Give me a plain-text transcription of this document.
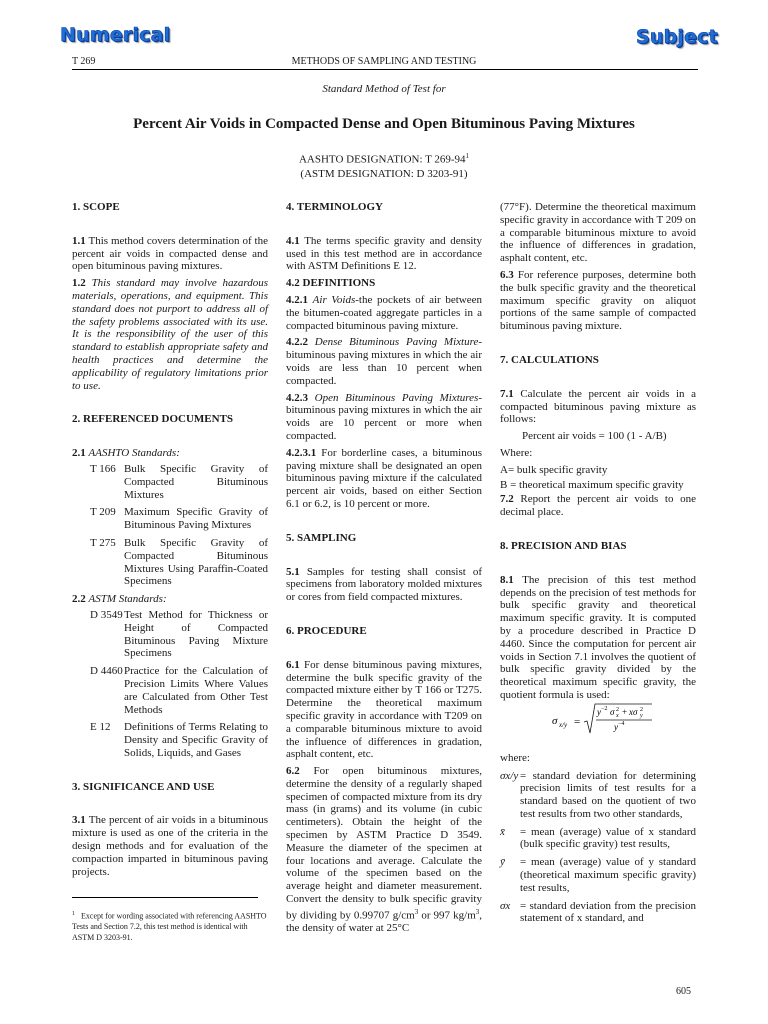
Numerical	Subject
T 269	METHODS OF SAMPLING AND TESTING
Standard Method of Test for
Percent Air Voids in Compacted Dense and Open Bituminous Paving Mixtures
AASHTO DESIGNATION: T $269-94^1$
(ASTM DESIGNATION: D 3203-91)

1. SCOPE

1.1 This method covers determination of the percent air voids in compacted dense and open bituminous paving mixtures.

1.2 This standard may involve hazardous materials, operations, and equipment. This standard does not purport to address all of the safety problems associated with its use. It is the responsibility of the user of this standard to establish appropriate safety and health practices and determine the applicability of regulatory limitations prior to use.

2. REFERENCED DOCUMENTS

2.1 AASHTO Standards:

T 166 Bulk Specific Gravity of Compacted Bituminous Mixtures
T 209 Maximum Specific Gravity of Bituminous Paving Mixtures
T 275 Bulk Specific Gravity of Compacted Bituminous Mixtures Using Paraffin-Coated Specimens

2.2 ASTM Standards:

D 3549 Test Method for Thickness or Height of Compacted Bituminous Paving Mixture Specimens
D 4460 Practice for the Calculation of Precision Limits Where Values are Calculated from Other Test Methods
E 12	Definitions of Terms Relating to Density and Specific Gravity of Solids, Liquids, and Gases

3. SIGNIFICANCE AND USE

3.1 The percent of air voids in a bituminous mixture is used as one of the criteria in the design methods and for evaluation of the compaction imparted in bituminous paving projects.

$^1$ Except for wording associated with referencing AASHTO Tests and Section 7.2, this test method is identical with ASTM D 3203-91.

4. TERMINOLOGY

4.1 The terms specific gravity and density used in this test method are in accordance with ASTM Definitions E 12.

4.2 DEFINITIONS

4.2.1 Air Voids-the pockets of air between the bitumen-coated aggregate particles in a compacted bituminous paving mixture.

4.2.2 Dense Bituminous Paving Mixture-bituminous paving mixtures in which the air voids are less than 10 percent when compacted.

4.2.3 Open Bituminous Paving Mixtures-bituminous paving mixtures in which the air voids are 10 percent or more when compacted.

4.2.3.1 For borderline cases, a bituminous paving mixture shall be designated an open bituminous paving mixture if the calculated percent air voids, based on either Section 6.1 or 6.2, is 10 percent or more.

5. SAMPLING

5.1 Samples for testing shall consist of specimens from laboratory molded mixtures or cores from field compacted mixtures.

6. PROCEDURE

6.1 For dense bituminous paving mixtures, determine the bulk specific gravity of the compacted mixture either by T 166 or T275. Determine the theoretical maximum specific gravity in accordance with T209 on a comparable bituminous mixture to avoid the influence of differences in gradation, asphalt content, etc.

6.2 For open bituminous mixtures, determine the density of a regularly shaped specimen of compacted mixture from its dry mass (in grams) and its volume (in cubic centimeters). Obtain the height of the specimen by ASTM Practice D 3549. Measure the diameter of the specimen at four locations and average. Calculate the volume of the specimen based on the average height and diameter measurement. Convert the density to bulk specific gravity by dividing by 0.99707 $g/cm^3$ or 997 $kg/m^3$, the density of water at 25°C

(77°F). Determine the theoretical maximum specific gravity in accordance with T 209 on a comparable bituminous mixture to avoid the influence of differences in gradation, asphalt content, etc.

6.3 For reference purposes, determine both the bulk specific gravity and the theoretical maximum specific gravity on aliquot portions of the same sample of compacted bituminous paving mixture.

7. CALCULATIONS

7.1 Calculate the percent air voids in a compacted bituminous paving mixture as follows:

Percent air voids = 100 (1 - A/B)

Where:

A= bulk specific gravity

B = theoretical maximum specific gravity

7.2 Report the percent air voids to one decimal place.

8. PRECISION AND BIAS

8.1 The precision of this test method depends on the precision of test methods for bulk specific gravity and theoretical maximum specific gravity. It is computed by a procedure described in Practice D 4460. Since the computation for percent air voids in Section 7.1 involves the quotient of bulk specific gravity divided by the theoretical maximum specific gravity, the quotient formula is used:

where:

σx/y = standard deviation for determining precision limits of test results for a standard based on the quotient of two test results from two other standards,
x̄	= mean (average) value of x standard (bulk specific gravity) test results,
ȳ	= mean (average) value of y standard (theoretical maximum specific gravity) test results,
σx = standard deviation from the precision statement of x standard, and
σ x/y =
y −2 σ 2
x + xσ 2
y
y −4
605
